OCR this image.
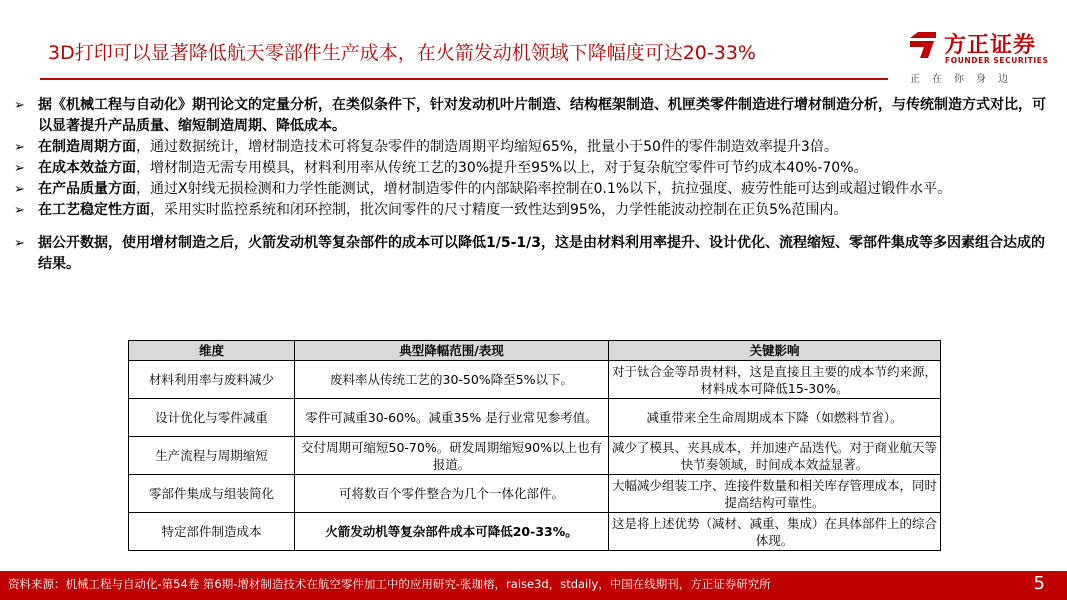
3D打印可以显著降低航天零部件生产成本，在火箭发动机领域下降幅度可达20-33%	方正证券
FOUNDER SECURITIES
正在你身边
➢ 据《机械工程与自动化》期刊论文的定量分析，在类似条件下，针对发动机叶片制造、结构框架制造、机匣类零件制造进行增材制造分析，与传统制造方式对比，可以显著提升产品质量、缩短制造周期、降低成本。
➢ 在制造周期方面，通过数据统计，增材制造技术可将复杂零件的制造周期平均缩短65%，批量小于50件的零件制造效率提升3倍。
➢ 在成本效益方面，增材制造无需专用模具，材料利用率从传统工艺的30%提升至95%以上，对于复杂航空零件可节约成本40%-70%。
➢ 在产品质量方面，通过X射线无损检测和力学性能测试，增材制造零件的内部缺陷率控制在0.1%以下，抗拉强度、疲劳性能可达到或超过锻件水平。
➢ 在工艺稳定性方面，采用实时监控系统和闭环控制，批次间零件的尺寸精度一致性达到95%，力学性能波动控制在正负5%范围内。
➢ 据公开数据，使用增材制造之后，火箭发动机等复杂部件的成本可以降低1/5-1/3，这是由材料利用率提升、设计优化、流程缩短、零部件集成等多因素组合达成的结果。
维度	典型降幅范围/表现	关键影响
材料利用率与废料减少	废料率从传统工艺的30-50%降至5%以下。	对于钛合金等昂贵材料，这是直接且主要的成本节约来源，材料成本可降低15-30%。
设计优化与零件减重	零件可减重30-60%。减重35% 是行业常见参考值。	减重带来全生命周期成本下降（如燃料节省）。
生产流程与周期缩短	交付周期可缩短50-70%。研发周期缩短90%以上也有报道。	减少了模具、夹具成本，并加速产品迭代。对于商业航天等快节奏领域，时间成本效益显著。
零部件集成与组装简化	可将数百个零件整合为几个一体化部件。	大幅减少组装工序、连接件数量和相关库存管理成本，同时提高结构可靠性。
特定部件制造成本	火箭发动机等复杂部件成本可降低20-33%。	这是将上述优势（减材、减重、集成）在具体部件上的综合体现。
资料来源：机械工程与自动化-第54卷 第6期-增材制造技术在航空零件加工中的应用研究-张珈榕，raise3d，stdaily，中国在线期刊，方正证券研究所	5
